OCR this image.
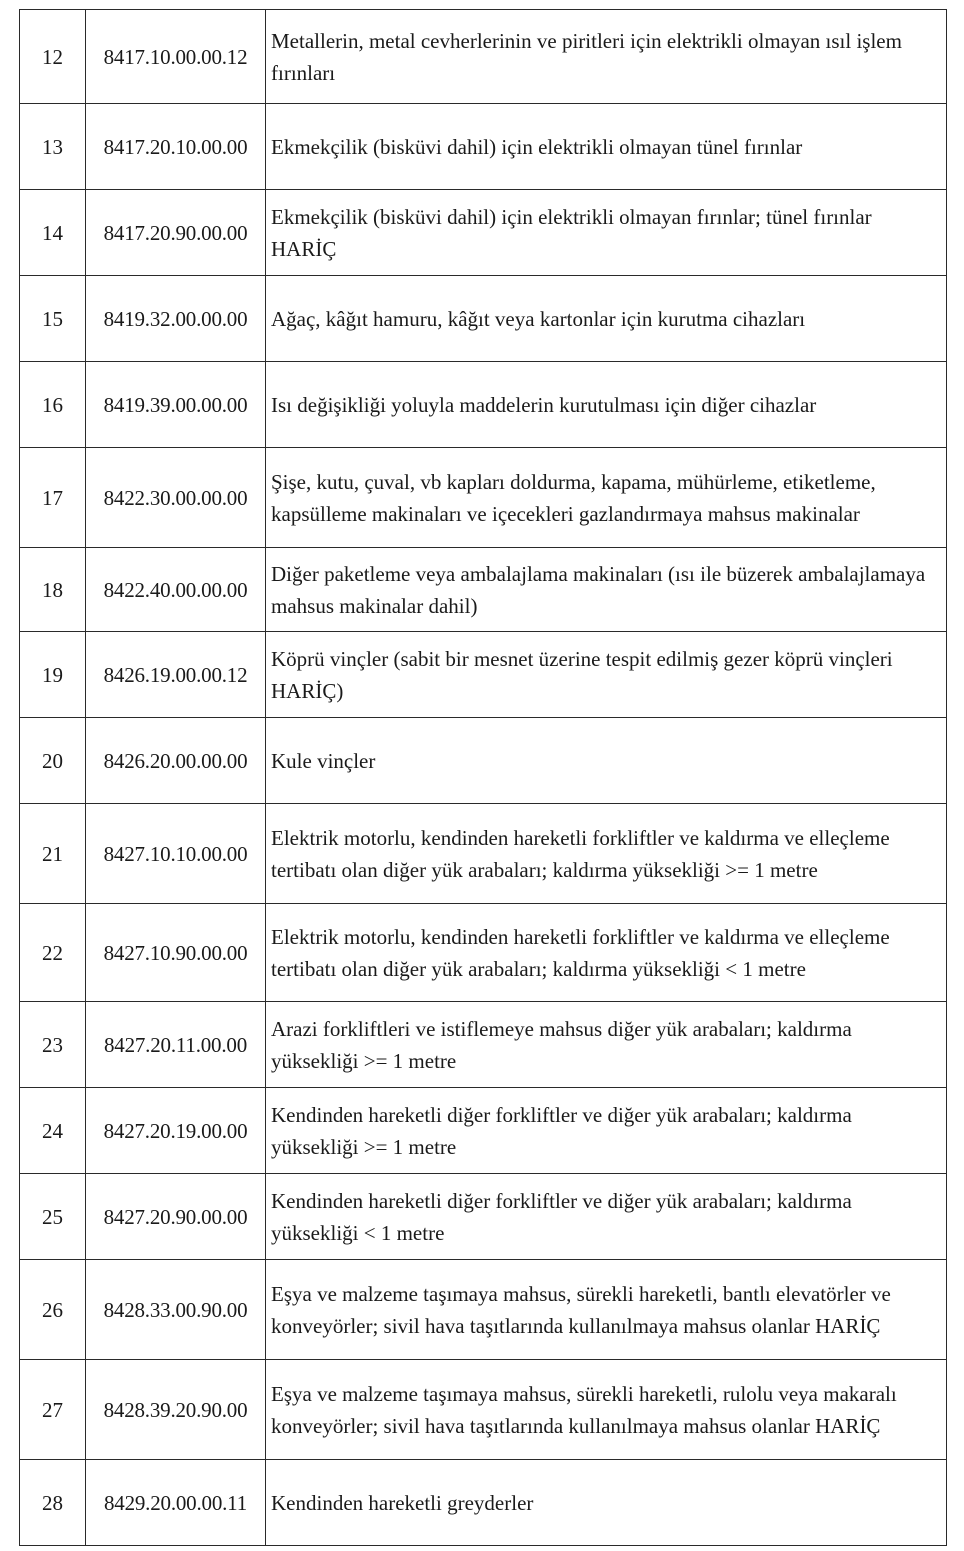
12	8417.10.00.00.12	Metallerin, metal cevherlerinin ve piritleri için elektrikli olmayan ısıl işlem fırınları
13	8417.20.10.00.00	Ekmekçilik (bisküvi dahil) için elektrikli olmayan tünel fırınlar
14	8417.20.90.00.00	Ekmekçilik (bisküvi dahil) için elektrikli olmayan fırınlar; tünel fırınlar HARİÇ
15	8419.32.00.00.00	Ağaç, kâğıt hamuru, kâğıt veya kartonlar için kurutma cihazları
16	8419.39.00.00.00	Isı değişikliği yoluyla maddelerin kurutulması için diğer cihazlar
17	8422.30.00.00.00	Şişe, kutu, çuval, vb kapları doldurma, kapama, mühürleme, etiketleme, kapsülleme makinaları ve içecekleri gazlandırmaya mahsus makinalar
18	8422.40.00.00.00	Diğer paketleme veya ambalajlama makinaları (ısı ile büzerek ambalajlamaya mahsus makinalar dahil)
19	8426.19.00.00.12	Köprü vinçler (sabit bir mesnet üzerine tespit edilmiş gezer köprü vinçleri HARİÇ)
20	8426.20.00.00.00	Kule vinçler
21	8427.10.10.00.00	Elektrik motorlu, kendinden hareketli forkliftler ve kaldırma ve elleçleme tertibatı olan diğer yük arabaları; kaldırma yüksekliği >= 1 metre
22	8427.10.90.00.00	Elektrik motorlu, kendinden hareketli forkliftler ve kaldırma ve elleçleme tertibatı olan diğer yük arabaları; kaldırma yüksekliği < 1 metre
23	8427.20.11.00.00	Arazi forkliftleri ve istiflemeye mahsus diğer yük arabaları; kaldırma yüksekliği >= 1 metre
24	8427.20.19.00.00	Kendinden hareketli diğer forkliftler ve diğer yük arabaları; kaldırma yüksekliği >= 1 metre
25	8427.20.90.00.00	Kendinden hareketli diğer forkliftler ve diğer yük arabaları; kaldırma yüksekliği < 1 metre
26	8428.33.00.90.00	Eşya ve malzeme taşımaya mahsus, sürekli hareketli, bantlı elevatörler ve konveyörler; sivil hava taşıtlarında kullanılmaya mahsus olanlar HARİÇ
27	8428.39.20.90.00	Eşya ve malzeme taşımaya mahsus, sürekli hareketli, rulolu veya makaralı konveyörler; sivil hava taşıtlarında kullanılmaya mahsus olanlar HARİÇ
28	8429.20.00.00.11	Kendinden hareketli greyderler
